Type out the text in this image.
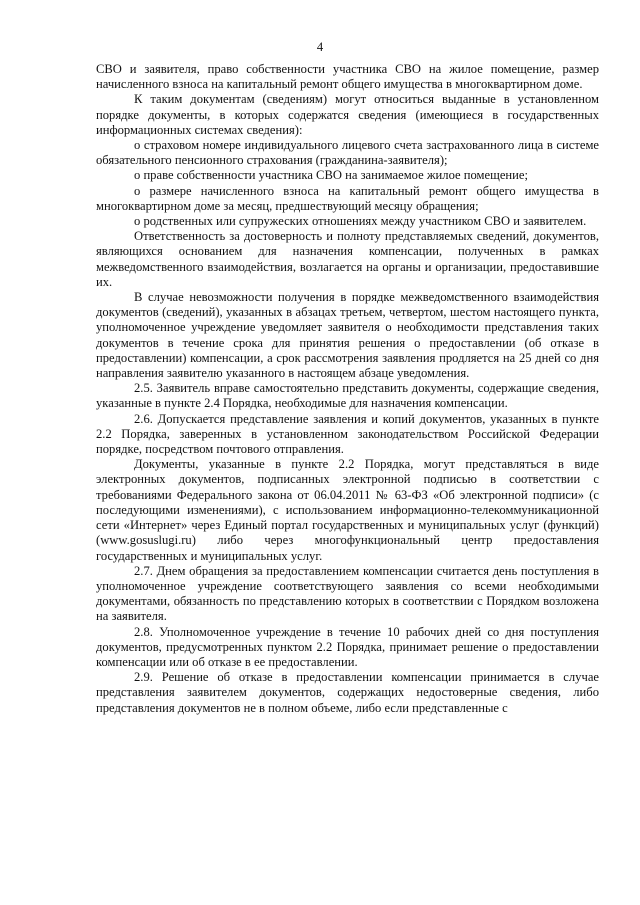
4

СВО и заявителя, право собственности участника СВО на жилое помещение, размер начисленного взноса на капитальный ремонт общего имущества в многоквартирном доме.

К таким документам (сведениям) могут относиться выданные в установленном порядке документы, в которых содержатся сведения (имеющиеся в государственных информационных системах сведения):

о страховом номере индивидуального лицевого счета застрахованного лица в системе обязательного пенсионного страхования (гражданина-заявителя);

о праве собственности участника СВО на занимаемое жилое помещение;

о размере начисленного взноса на капитальный ремонт общего имущества в многоквартирном доме за месяц, предшествующий месяцу обращения;

о родственных или супружеских отношениях между участником СВО и заявителем.

Ответственность за достоверность и полноту представляемых сведений, документов, являющихся основанием для назначения компенсации, полученных в рамках межведомственного взаимодействия, возлагается на органы и организации, предоставившие их.

В случае невозможности получения в порядке межведомственного взаимодействия документов (сведений), указанных в абзацах третьем, четвертом, шестом настоящего пункта, уполномоченное учреждение уведомляет заявителя о необходимости представления таких документов в течение срока для принятия решения о предоставлении (об отказе в предоставлении) компенсации, а срок рассмотрения заявления продляется на 25 дней со дня направления заявителю указанного в настоящем абзаце уведомления.

2.5. Заявитель вправе самостоятельно представить документы, содержащие сведения, указанные в пункте 2.4 Порядка, необходимые для назначения компенсации.

2.6. Допускается представление заявления и копий документов, указанных в пункте 2.2 Порядка, заверенных в установленном законодательством Российской Федерации порядке, посредством почтового отправления.

Документы, указанные в пункте 2.2 Порядка, могут представляться в виде электронных документов, подписанных электронной подписью в соответствии с требованиями Федерального закона от 06.04.2011 № 63-ФЗ «Об электронной подписи» (с последующими изменениями), с использованием информационно-телекоммуникационной сети «Интернет» через Единый портал государственных и муниципальных услуг (функций) (www.gosuslugi.ru) либо через многофункциональный центр предоставления государственных и муниципальных услуг.

2.7. Днем обращения за предоставлением компенсации считается день поступления в уполномоченное учреждение соответствующего заявления со всеми необходимыми документами, обязанность по представлению которых в соответствии с Порядком возложена на заявителя.

2.8. Уполномоченное учреждение в течение 10 рабочих дней со дня поступления документов, предусмотренных пунктом 2.2 Порядка, принимает решение о предоставлении компенсации или об отказе в ее предоставлении.

2.9. Решение об отказе в предоставлении компенсации принимается в случае представления заявителем документов, содержащих недостоверные сведения, либо представления документов не в полном объеме, либо если представленные с
